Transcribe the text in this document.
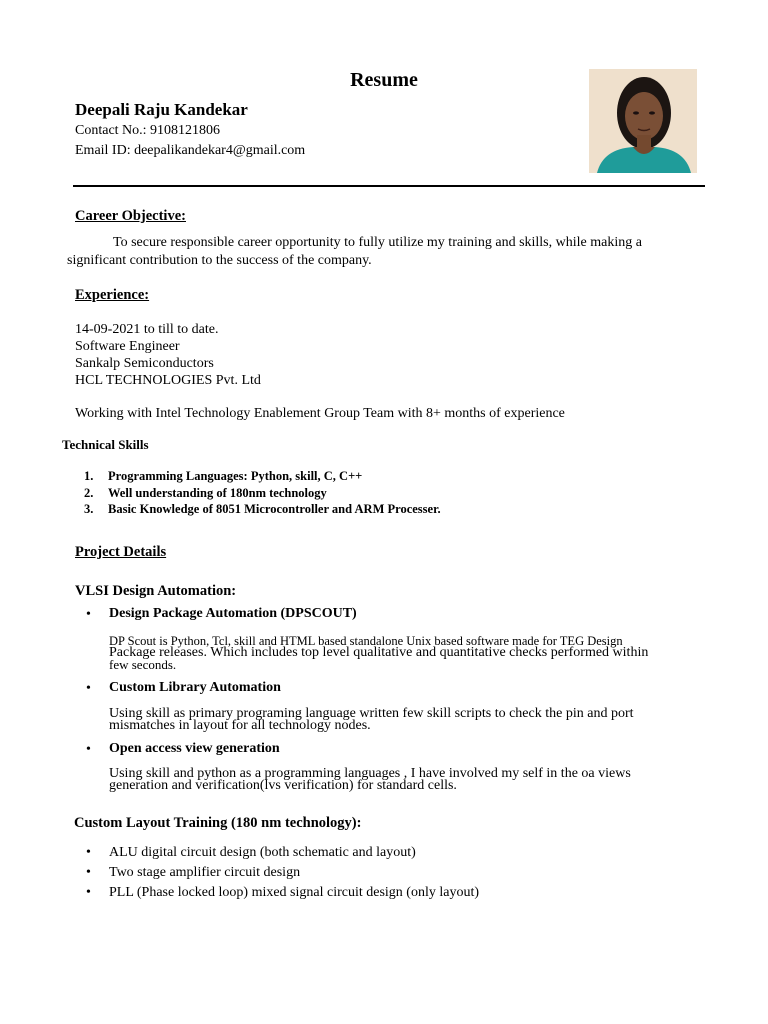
Resume
Deepali Raju Kandekar
Contact No.: 9108121806
Email ID: deepalikandekar4@gmail.com
Career Objective:
To secure responsible career opportunity to fully utilize my training and skills, while making a
significant contribution to the success of the company.
Experience:
14-09-2021 to till to date.
Software Engineer
Sankalp Semiconductors
HCL TECHNOLOGIES Pvt. Ltd
Working with Intel Technology Enablement Group Team with 8+ months of experience
Technical Skills
1. Programming Languages: Python, skill, C, C++
2. Well understanding of 180nm technology
3. Basic Knowledge of 8051 Microcontroller and ARM Processer.
Project Details
VLSI Design Automation:
• Design Package Automation (DPSCOUT)
DP Scout is Python, Tcl, skill and HTML based standalone Unix based software made for TEG Design
Package releases. Which includes top level qualitative and quantitative checks performed within
few seconds.
• Custom Library Automation
Using skill as primary programing language written few skill scripts to check the pin and port
mismatches in layout for all technology nodes.
• Open access view generation
Using skill and python as a programming languages , I have involved my self in the oa views
generation and verification(lvs verification) for standard cells.
Custom Layout Training (180 nm technology):
• ALU digital circuit design (both schematic and layout)
• Two stage amplifier circuit design
• PLL (Phase locked loop) mixed signal circuit design (only layout)
